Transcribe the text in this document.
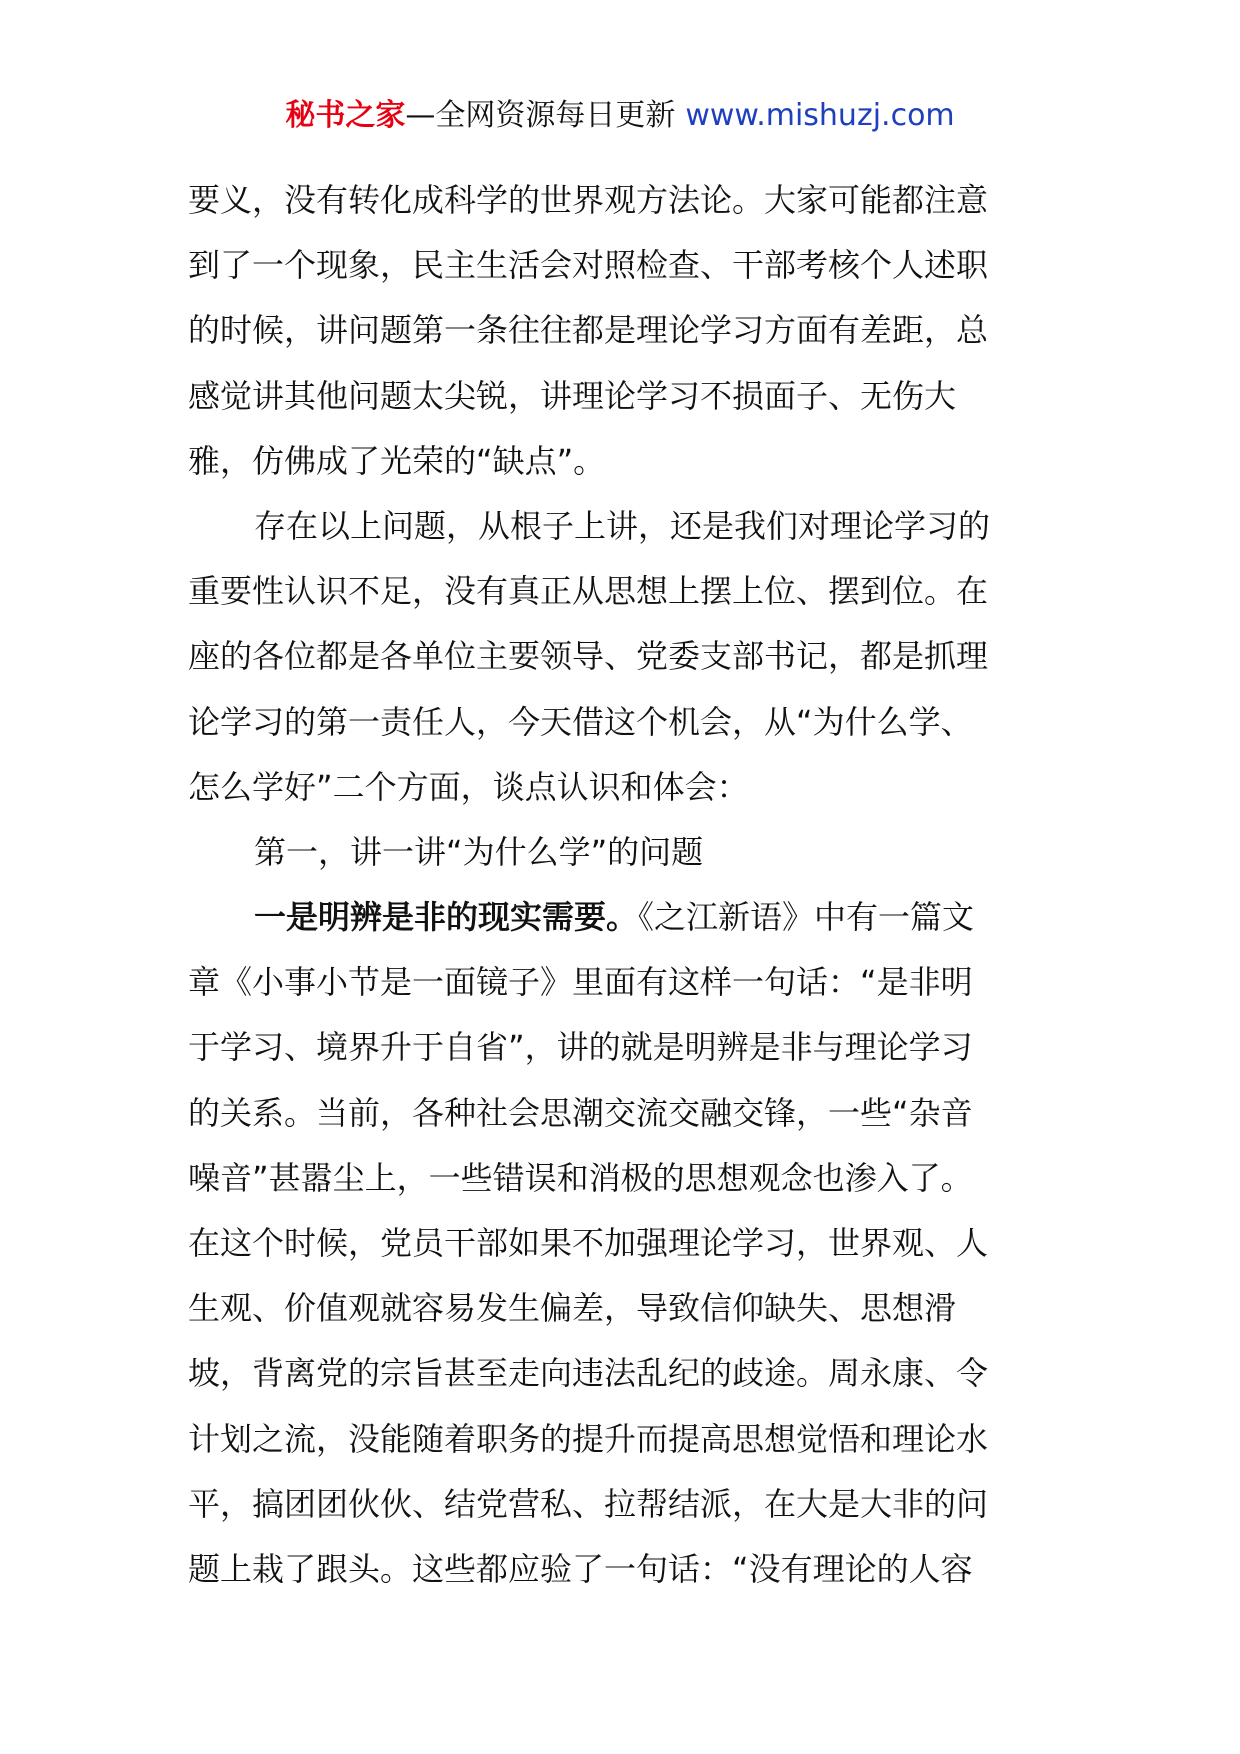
秘书之家—全网资源每日更新 www.mishuzj.com
要义，没有转化成科学的世界观方法论。大家可能都注意
到了一个现象，民主生活会对照检查、干部考核个人述职
的时候，讲问题第一条往往都是理论学习方面有差距，总
感觉讲其他问题太尖锐，讲理论学习不损面子、无伤大
雅，仿佛成了光荣的“缺点”。
存在以上问题，从根子上讲，还是我们对理论学习的
重要性认识不足，没有真正从思想上摆上位、摆到位。在
座的各位都是各单位主要领导、党委支部书记，都是抓理
论学习的第一责任人，今天借这个机会，从“为什么学、
怎么学好”二个方面，谈点认识和体会：
第一，讲一讲“为什么学”的问题
一是明辨是非的现实需要。《之江新语》中有一篇文
章《小事小节是一面镜子》里面有这样一句话：“是非明
于学习、境界升于自省”，讲的就是明辨是非与理论学习
的关系。当前，各种社会思潮交流交融交锋，一些“杂音
噪音”甚嚣尘上，一些错误和消极的思想观念也渗入了。
在这个时候，党员干部如果不加强理论学习，世界观、人
生观、价值观就容易发生偏差，导致信仰缺失、思想滑
坡，背离党的宗旨甚至走向违法乱纪的歧途。周永康、令
计划之流，没能随着职务的提升而提高思想觉悟和理论水
平，搞团团伙伙、结党营私、拉帮结派，在大是大非的问
题上栽了跟头。这些都应验了一句话：“没有理论的人容
